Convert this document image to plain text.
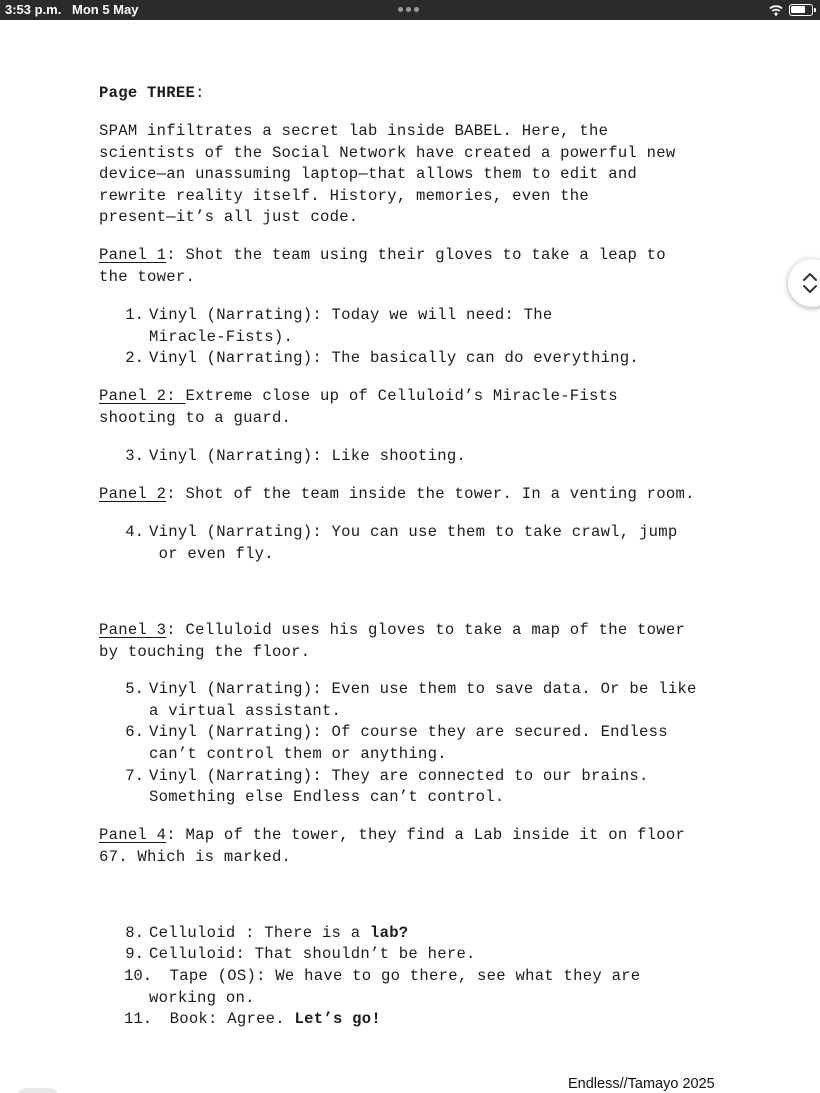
3:53 p.m. Mon 5 May
Page THREE:
SPAM infiltrates a secret lab inside BABEL. Here, the
scientists of the Social Network have created a powerful new
device—an unassuming laptop—that allows them to edit and
rewrite reality itself. History, memories, even the
present—it’s all just code.
Panel 1: Shot the team using their gloves to take a leap to
the tower.
1. Vinyl (Narrating): Today we will need: The
Miracle-Fists).
2. Vinyl (Narrating): The basically can do everything.
Panel 2: Extreme close up of Celluloid’s Miracle-Fists
shooting to a guard.
3. Vinyl (Narrating): Like shooting.
Panel 2: Shot of the team inside the tower. In a venting room.
4. Vinyl (Narrating): You can use them to take crawl, jump
or even fly.
Panel 3: Celluloid uses his gloves to take a map of the tower
by touching the floor.
5. Vinyl (Narrating): Even use them to save data. Or be like
a virtual assistant.
6. Vinyl (Narrating): Of course they are secured. Endless
can’t control them or anything.
7. Vinyl (Narrating): They are connected to our brains.
Something else Endless can’t control.
Panel 4: Map of the tower, they find a Lab inside it on floor
67. Which is marked.
8. Celluloid : There is a lab?
9. Celluloid: That shouldn’t be here.
10. Tape (OS): We have to go there, see what they are
working on.
11. Book: Agree. Let’s go!
Endless//Tamayo 2025
